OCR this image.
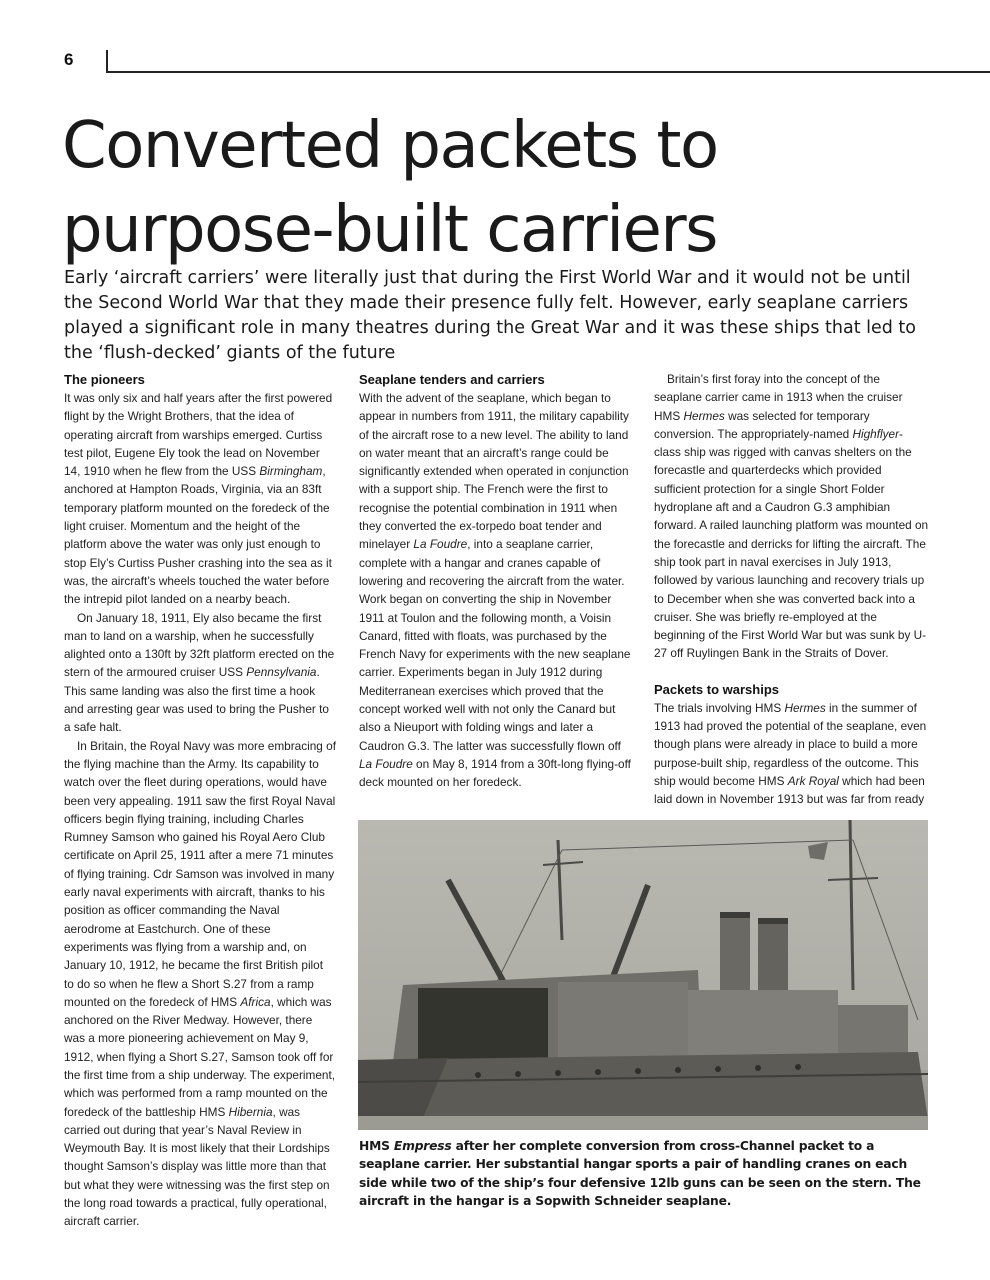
6
Converted packets to purpose-built carriers

Early ‘aircraft carriers’ were literally just that during the First World War and it would not be until the Second World War that they made their presence fully felt. However, early seaplane carriers played a significant role in many theatres during the Great War and it was these ships that led to the ‘flush-decked’ giants of the future

The pioneers

It was only six and half years after the first powered flight by the Wright Brothers, that the idea of operating aircraft from warships emerged. Curtiss test pilot, Eugene Ely took the lead on November 14, 1910 when he flew from the USS Birmingham, anchored at Hampton Roads, Virginia, via an 83ft temporary platform mounted on the foredeck of the light cruiser. Momentum and the height of the platform above the water was only just enough to stop Ely’s Curtiss Pusher crashing into the sea as it was, the aircraft’s wheels touched the water before the intrepid pilot landed on a nearby beach.

On January 18, 1911, Ely also became the first man to land on a warship, when he successfully alighted onto a 130ft by 32ft platform erected on the stern of the armoured cruiser USS Pennsylvania. This same landing was also the first time a hook and arresting gear was used to bring the Pusher to a safe halt.

In Britain, the Royal Navy was more embracing of the flying machine than the Army. Its capability to watch over the fleet during operations, would have been very appealing. 1911 saw the first Royal Naval officers begin flying training, including Charles Rumney Samson who gained his Royal Aero Club certificate on April 25, 1911 after a mere 71 minutes of flying training. Cdr Samson was involved in many early naval experiments with aircraft, thanks to his position as officer commanding the Naval aerodrome at Eastchurch. One of these experiments was flying from a warship and, on January 10, 1912, he became the first British pilot to do so when he flew a Short S.27 from a ramp mounted on the foredeck of HMS Africa, which was anchored on the River Medway. However, there was a more pioneering achievement on May 9, 1912, when flying a Short S.27, Samson took off for the first time from a ship underway. The experiment, which was performed from a ramp mounted on the foredeck of the battleship HMS Hibernia, was carried out during that year’s Naval Review in Weymouth Bay. It is most likely that their Lordships thought Samson’s display was little more than that but what they were witnessing was the first step on the long road towards a practical, fully operational, aircraft carrier.

Seaplane tenders and carriers

With the advent of the seaplane, which began to appear in numbers from 1911, the military capability of the aircraft rose to a new level. The ability to land on water meant that an aircraft’s range could be significantly extended when operated in conjunction with a support ship. The French were the first to recognise the potential combination in 1911 when they converted the ex-torpedo boat tender and minelayer La Foudre, into a seaplane carrier, complete with a hangar and cranes capable of lowering and recovering the aircraft from the water. Work began on converting the ship in November 1911 at Toulon and the following month, a Voisin Canard, fitted with floats, was purchased by the French Navy for experiments with the new seaplane carrier. Experiments began in July 1912 during Mediterranean exercises which proved that the concept worked well with not only the Canard but also a Nieuport with folding wings and later a Caudron G.3. The latter was successfully flown off La Foudre on May 8, 1914 from a 30ft-long flying-off deck mounted on her foredeck.

Britain’s first foray into the concept of the seaplane carrier came in 1913 when the cruiser HMS Hermes was selected for temporary conversion. The appropriately-named Highflyer-class ship was rigged with canvas shelters on the forecastle and quarterdecks which provided sufficient protection for a single Short Folder hydroplane aft and a Caudron G.3 amphibian forward. A railed launching platform was mounted on the forecastle and derricks for lifting the aircraft. The ship took part in naval exercises in July 1913, followed by various launching and recovery trials up to December when she was converted back into a cruiser. She was briefly re-employed at the beginning of the First World War but was sunk by U-27 off Ruylingen Bank in the Straits of Dover.

Packets to warships

The trials involving HMS Hermes in the summer of 1913 had proved the potential of the seaplane, even though plans were already in place to build a more purpose-built ship, regardless of the outcome. This ship would become HMS Ark Royal which had been laid down in November 1913 but was far from ready

HMS Empress after her complete conversion from cross-Channel packet to a seaplane carrier. Her substantial hangar sports a pair of handling cranes on each side while two of the ship’s four defensive 12lb guns can be seen on the stern. The aircraft in the hangar is a Sopwith Schneider seaplane.
